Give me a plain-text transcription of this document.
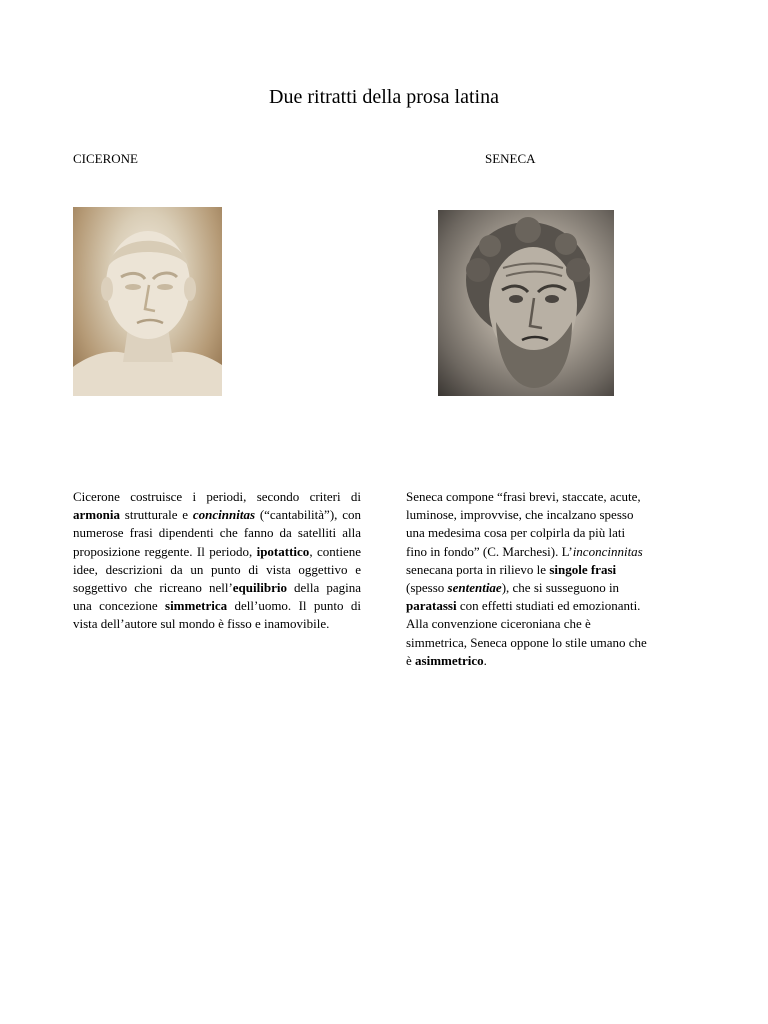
Due ritratti della prosa latina
CICERONE	SENECA

Cicerone costruisce i periodi, secondo criteri di armonia strutturale e concinnitas (“cantabilità”), con numerose frasi dipendenti che fanno da satelliti alla proposizione reggente. Il periodo, ipotattico, contiene idee, descrizioni da un punto di vista oggettivo e soggettivo che ricreano nell’equilibrio della pagina una concezione simmetrica dell’uomo. Il punto di vista dell’autore sul mondo è fisso e inamovibile.

Seneca compone “frasi brevi, staccate, acute,
luminose, improvvise, che incalzano spesso
una medesima cosa per colpirla da più lati
fino in fondo” (C. Marchesi). L’inconcinnitas
senecana porta in rilievo le singole frasi
(spesso sententiae), che si susseguono in
paratassi con effetti studiati ed emozionanti.
Alla convenzione ciceroniana che è
simmetrica, Seneca oppone lo stile umano che
è asimmetrico.
